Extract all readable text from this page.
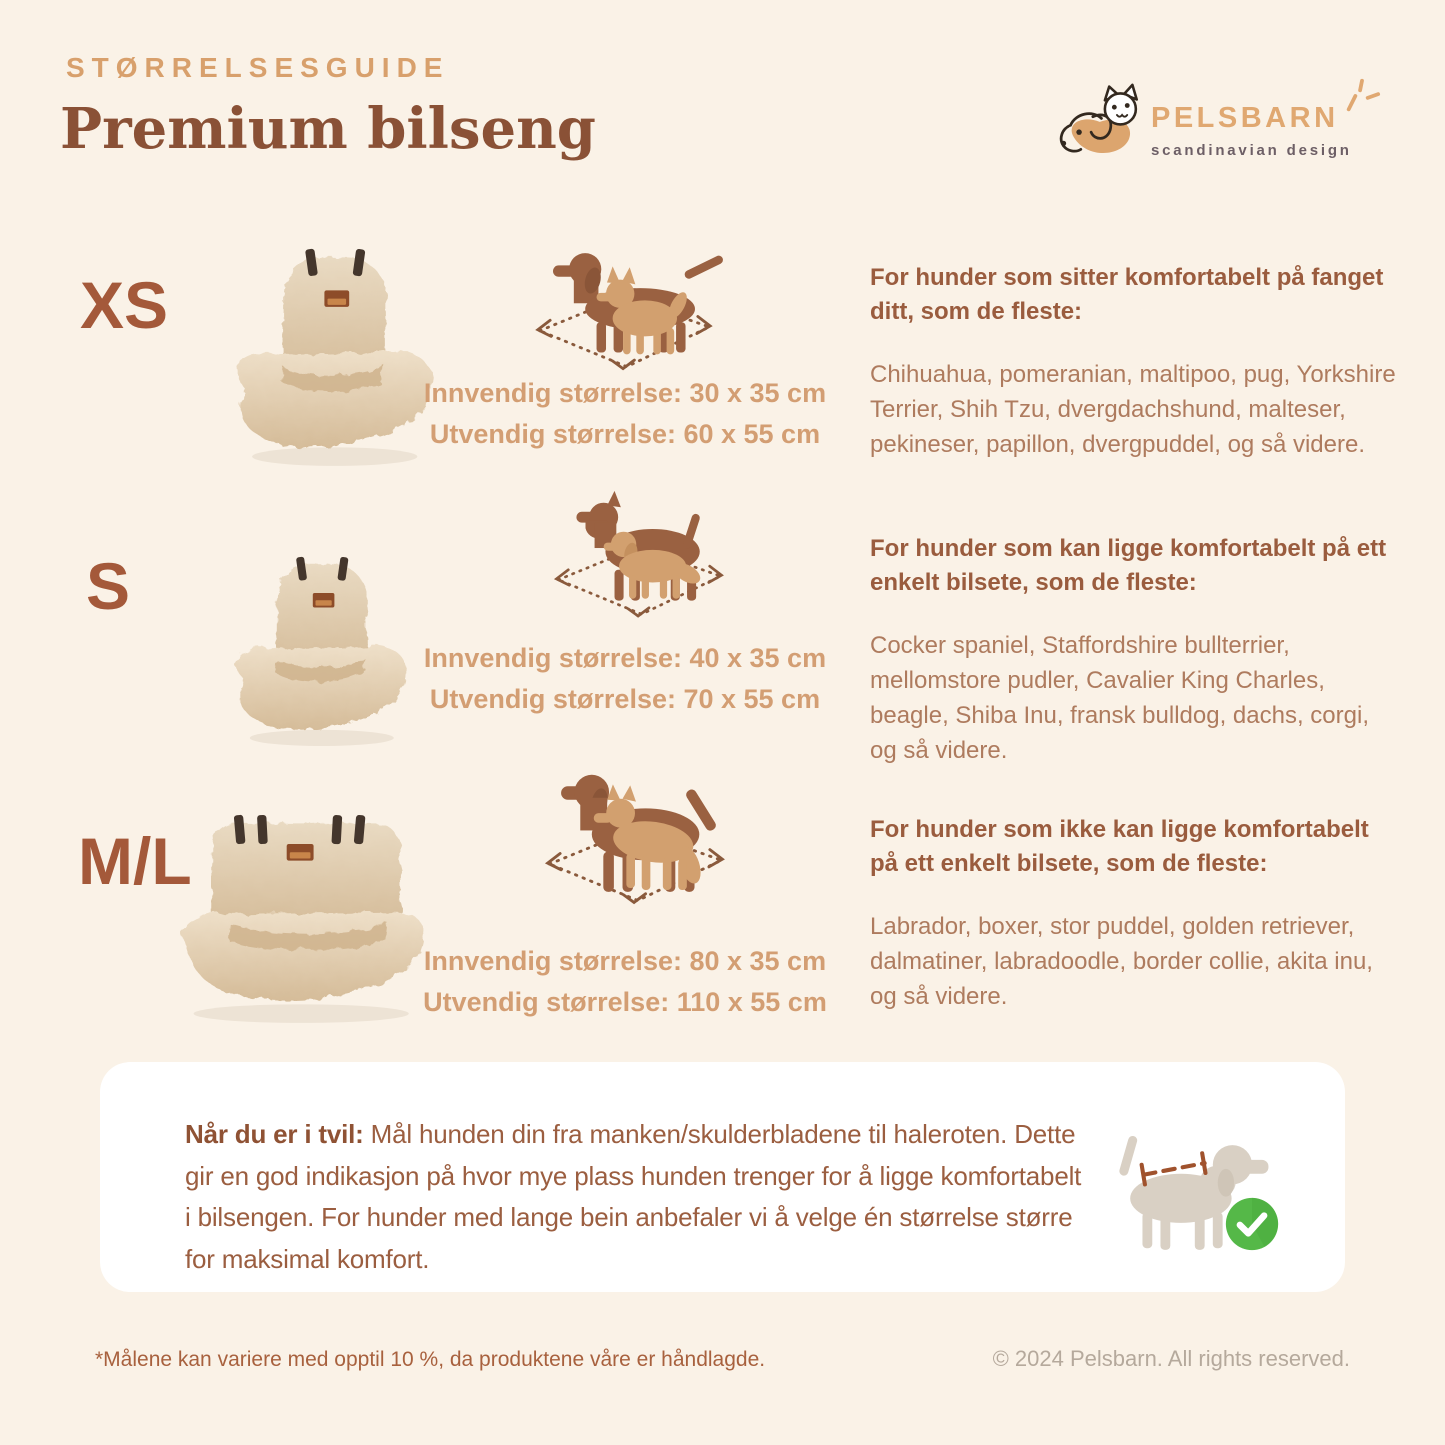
STØRRELSESGUIDE
Premium bilseng	PELSBARN
scandinavian design
XS
Innvendig størrelse: 30 x 35 cm
Utvendig størrelse: 60 x 55 cm
For hunder som sitter komfortabelt på fanget ditt, som de fleste:

Chihuahua, pomeranian, maltipoo, pug, Yorkshire Terrier, Shih Tzu, dvergdachshund, malteser, pekineser, papillon, dvergpuddel, og så videre.

S
Innvendig størrelse: 40 x 35 cm
Utvendig størrelse: 70 x 55 cm
For hunder som kan ligge komfortabelt på ett enkelt bilsete, som de fleste:

Cocker spaniel, Staffordshire bullterrier, mellomstore pudler, Cavalier King Charles, beagle, Shiba Inu, fransk bulldog, dachs, corgi, og så videre.

M/L
Innvendig størrelse: 80 x 35 cm
Utvendig størrelse: 110 x 55 cm
For hunder som ikke kan ligge komfortabelt på ett enkelt bilsete, som de fleste:

Labrador, boxer, stor puddel, golden retriever, dalmatiner, labradoodle, border collie, akita inu, og så videre.

Når du er i tvil: Mål hunden din fra manken/skulderbladene til haleroten. Dette gir en god indikasjon på hvor mye plass hunden trenger for å ligge komfortabelt i bilsengen. For hunder med lange bein anbefaler vi å velge én størrelse større for maksimal komfort.
*Målene kan variere med opptil 10 %, da produktene våre er håndlagde.	© 2024 Pelsbarn. All rights reserved.
